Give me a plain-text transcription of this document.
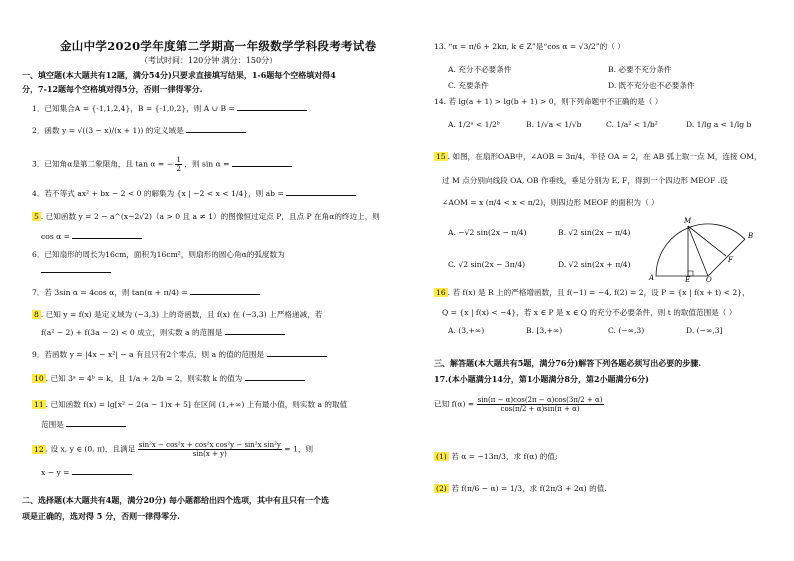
金山中学2020学年度第二学期高一年级数学学科段考考试卷
（考试时间：120分钟 满分：150分）
一、填空题(本大题共有12题，满分54分)只要求直接填写结果，1-6题每个空格填对得4
分，7-12题每个空格填对得5分，否则一律得零分.
1．已知集合A = {-1,1,2,4}，B = {-1,0,2}，则 A ∪ B =
2．函数 y = √((3 − x)/(x + 1)) 的定义域是
3．已知角α是第二象限角，且 tan α = − $\frac{1}{2}$ ，则 sin α =
4．若不等式 ax² + bx − 2 < 0 的解集为 {x | −2 < x < 1/4}，则 ab =
5 . 已知函数 y = 2 − a^(x−2√2)（a > 0 且 a ≠ 1）的图像恒过定点 P，且点 P 在角α的终边上，则
cos α =
6．已知扇形的周长为16cm，面积为16cm²，则扇形的圆心角α的弧度数为
7．若 3sin α = 4cos α，则 tan(α + π/4) =
8 . 已知 y = f(x) 是定义域为 (−3,3) 上的奇函数，且 f(x) 在 (−3,3) 上严格递减，若
f(a² − 2) + f(3a − 2) < 0 成立，则实数 a 的范围是
9．若函数 y = |4x − x²| − a 有且只有2个零点，则 a 的值的范围是
10 . 已知 3ᵃ = 4ᵇ = k，且 1/a + 2/b = 2，则实数 k 的值为
11 . 已知函数 f(x) = lg[x² − 2(a − 1)x + 5] 在区间 (1,+∞) 上有最小值，则实数 a 的取值
范围是
12 . 设 x, y ∈ (0, π)，且满足 $\frac{\text{sin²x − cos²x + cos²x cos²y − sin²x sin²y}}{\sin(x + y)} = 1$，则
x − y =
二、选择题(本大题共有4题，满分20分) 每小题都给出四个选项，其中有且只有一个选
项是正确的，选对得 5 分，否则一律得零分.
13. “α = π/6 + 2kπ, k ∈ Z”是“cos α = √3/2”的（ ）
A. 充分不必要条件	B. 必要不充分条件
C. 充要条件	D. 既不充分也不必要条件
14. 若 lg(a + 1) > lg(b + 1) > 0，则下列命题中不正确的是（ ）
A. 1/2ᵃ < 1/2ᵇ	B. 1/√a < 1/√b	C. 1/a² < 1/b²	D. 1/lg a < 1/lg b
15 . 如图，在扇形OAB中，∠AOB = 3π/4，半径 OA = 2，在 AB 弧上取一点 M，连接 OM，
过 M 点分别向线段 OA, OB 作垂线，垂足分别为 E, F，得到一个四边形 MEOF .设
∠AOM = x (π/4 < x < π/2)，则四边形 MEOF 的面积为（ ）
A. −√2 sin(2x − π/4)	B. √2 sin(2x − π/4)
C. √2 sin(2x − 3π/4)	D. √2 sin(2x + π/4)
M
B
F
A	E O
16 . 若 f(x) 是 R 上的严格增函数，且 f(−1) = −4, f(2) = 2，设 P = {x | f(x + t) < 2}，
Q = {x | f(x) < −4}，若 x ∈ P 是 x ∈ Q 的充分不必要条件，则 t 的取值范围是（ ）
A. (3,+∞)	B. [3,+∞)	C. (−∞,3)	D. (−∞,3]
三、解答题(本大题共有5题，满分76分)解答下列各题必须写出必要的步骤.
17.(本小题满分14分，第1小题满分8分，第2小题满分6分)
已知 $f(\alpha) = \frac{\sin(\pi - \alpha)\cos(2\pi - \alpha)\cos(3\pi/2 + \alpha)}{\cos(\pi/2 + \alpha)\sin(\pi + \alpha)}$
(1) 若 α = −13π/3，求 f(α) 的值;
(2) 若 f(π/6 − α) = 1/3，求 f(2π/3 + 2α) 的值.
